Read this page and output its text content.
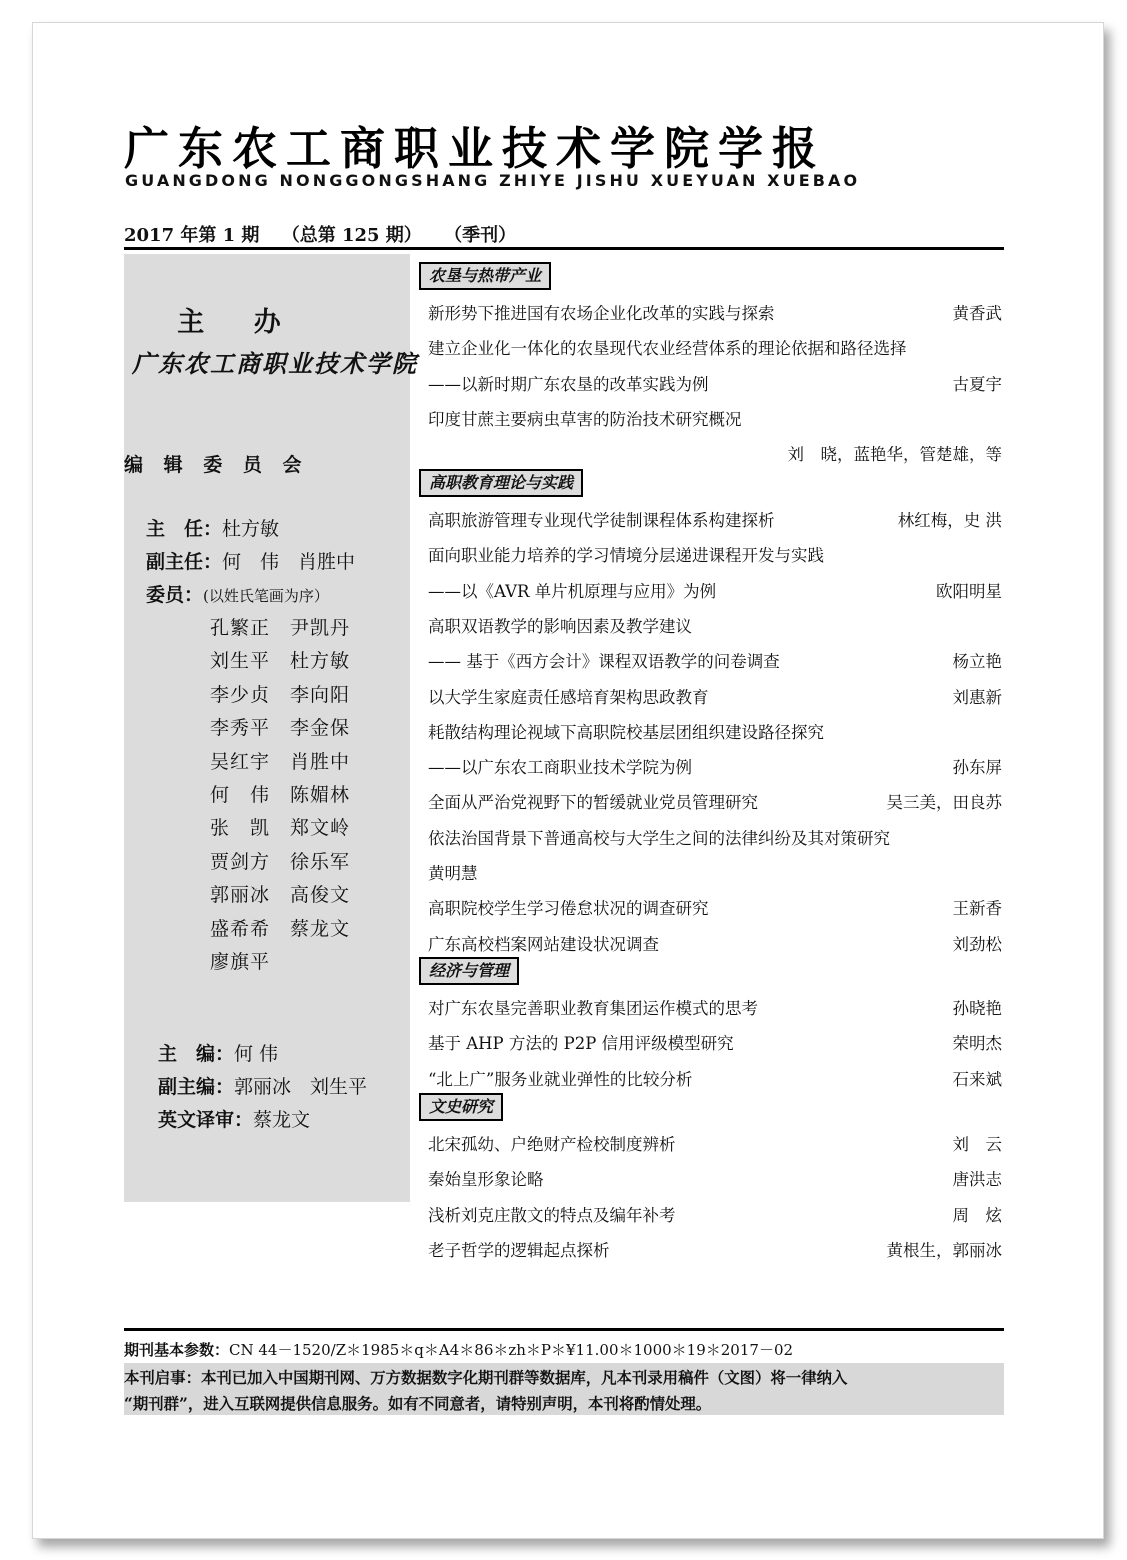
广东农工商职业技术学院学报
GUANGDONG NONGGONGSHANG ZHIYE JISHU XUEYUAN XUEBAO
2017 年第 1 期 （总第 125 期） （季刊）
主 办
广东农工商职业技术学院
编 辑 委 员 会
主　任：杜方敏
副主任：何　伟　肖胜中
委员：(以姓氏笔画为序）
孔繁正　尹凯丹
刘生平　杜方敏
李少贞　李向阳
李秀平　李金保
吴红宇　肖胜中
何　伟　陈媚林
张　凯　郑文岭
贾剑方　徐乐军
郭丽冰　高俊文
盛希希　蔡龙文
廖旗平
主　编：何 伟
副主编：郭丽冰　刘生平
英文译审：蔡龙文
农垦与热带产业
新形势下推进国有农场企业化改革的实践与探索	黄香武
建立企业化一体化的农垦现代农业经营体系的理论依据和路径选择
——以新时期广东农垦的改革实践为例	古夏宇
印度甘蔗主要病虫草害的防治技术研究概况
刘　晓，蓝艳华，管楚雄，等
高职教育理论与实践
高职旅游管理专业现代学徒制课程体系构建探析	林红梅，史 洪
面向职业能力培养的学习情境分层递进课程开发与实践
——以《AVR 单片机原理与应用》为例	欧阳明星
高职双语教学的影响因素及教学建议
—— 基于《西方会计》课程双语教学的问卷调查	杨立艳
以大学生家庭责任感培育架构思政教育	刘惠新
耗散结构理论视域下高职院校基层团组织建设路径探究
——以广东农工商职业技术学院为例	孙东屏
全面从严治党视野下的暂缓就业党员管理研究	吴三美，田良苏
依法治国背景下普通高校与大学生之间的法律纠纷及其对策研究
黄明慧
高职院校学生学习倦怠状况的调查研究	王新香
广东高校档案网站建设状况调查	刘劲松
经济与管理
对广东农垦完善职业教育集团运作模式的思考	孙晓艳
基于 AHP 方法的 P2P 信用评级模型研究	荣明杰
“北上广”服务业就业弹性的比较分析	石来斌
文史研究
北宋孤幼、户绝财产检校制度辨析	刘　云
秦始皇形象论略	唐洪志
浅析刘克庄散文的特点及编年补考	周　炫
老子哲学的逻辑起点探析	黄根生，郭丽冰
期刊基本参数：CN 44－1520/Z＊1985＊q＊A4＊86＊zh＊P＊¥11.00＊1000＊19＊2017－02
本刊启事：本刊已加入中国期刊网、万方数据数字化期刊群等数据库，凡本刊录用稿件（文图）将一律纳入
“期刊群”，进入互联网提供信息服务。如有不同意者，请特别声明，本刊将酌情处理。
